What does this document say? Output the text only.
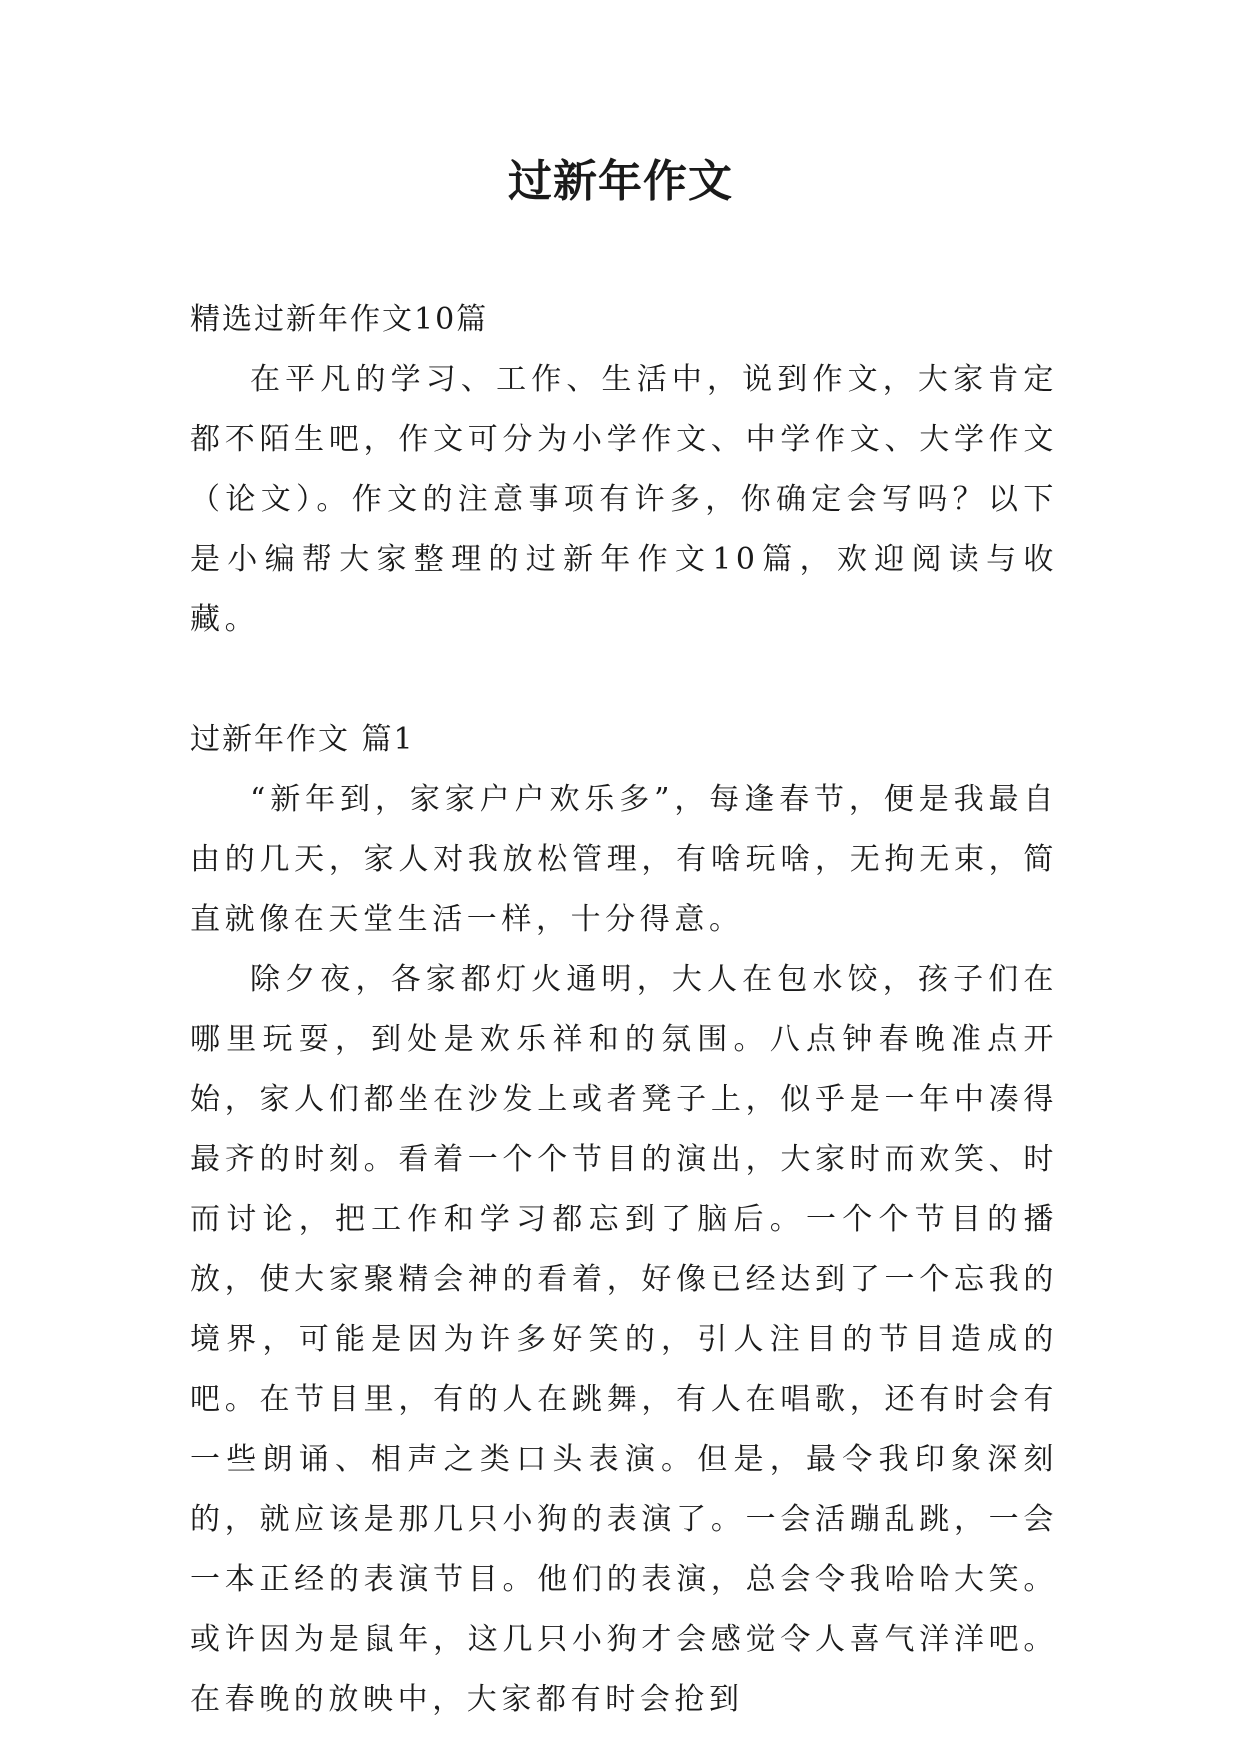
过新年作文

精选过新年作文10篇

在平凡的学习、工作、生活中，说到作文，大家肯定都不陌生吧，作文可分为小学作文、中学作文、大学作文（论文）。作文的注意事项有许多，你确定会写吗？以下是小编帮大家整理的过新年作文10篇，欢迎阅读与收藏。

过新年作文 篇1

“新年到，家家户户欢乐多”，每逢春节，便是我最自由的几天，家人对我放松管理，有啥玩啥，无拘无束，简直就像在天堂生活一样，十分得意。

除夕夜，各家都灯火通明，大人在包水饺，孩子们在哪里玩耍，到处是欢乐祥和的氛围。八点钟春晚准点开始，家人们都坐在沙发上或者凳子上，似乎是一年中凑得最齐的时刻。看着一个个节目的演出，大家时而欢笑、时而讨论，把工作和学习都忘到了脑后。一个个节目的播放，使大家聚精会神的看着，好像已经达到了一个忘我的境界，可能是因为许多好笑的，引人注目的节目造成的吧。在节目里，有的人在跳舞，有人在唱歌，还有时会有一些朗诵、相声之类口头表演。但是，最令我印象深刻的，就应该是那几只小狗的表演了。一会活蹦乱跳，一会一本正经的表演节目。他们的表演，总会令我哈哈大笑。或许因为是鼠年，这几只小狗才会感觉令人喜气洋洋吧。在春晚的放映中，大家都有时会抢到
